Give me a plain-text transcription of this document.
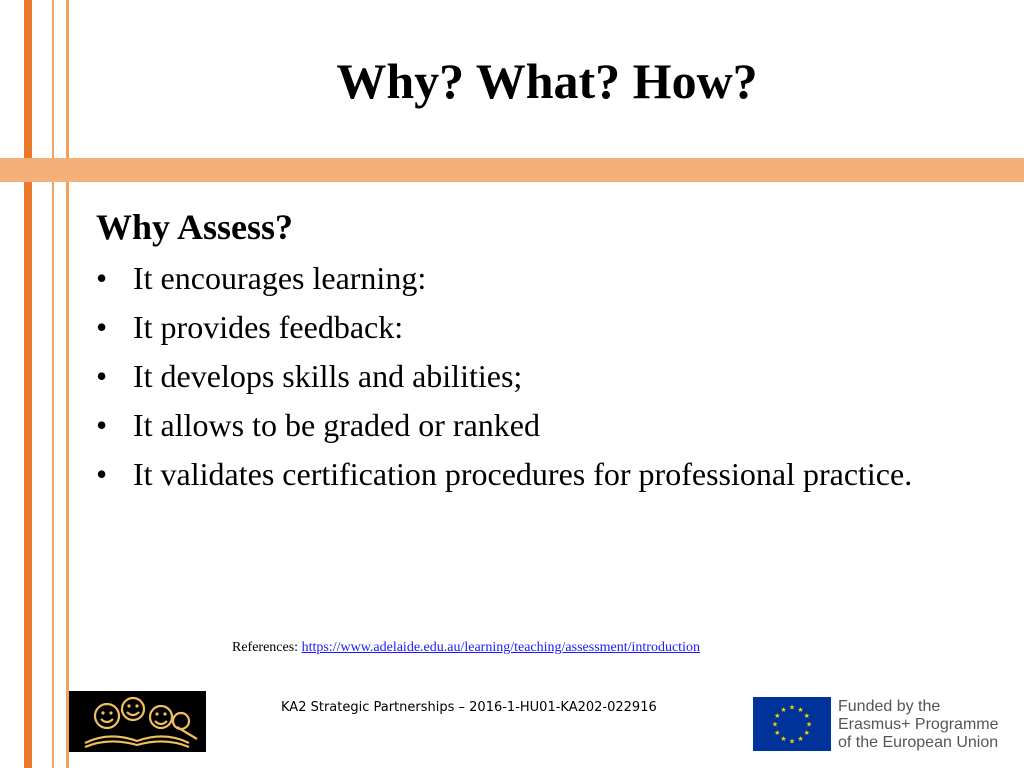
Why? What? How?
Why Assess?
• It encourages learning:
• It provides feedback:
• It develops skills and abilities;
• It allows to be graded or ranked
• It validates certification procedures for professional practice.
References: https://www.adelaide.edu.au/learning/teaching/assessment/introduction
KA2 Strategic Partnerships – 2016-1-HU01-KA202-022916
★
★
★
★
★
★
★
★
★ ★ ★
★
Funded by the
Erasmus+ Programme
of the European Union
